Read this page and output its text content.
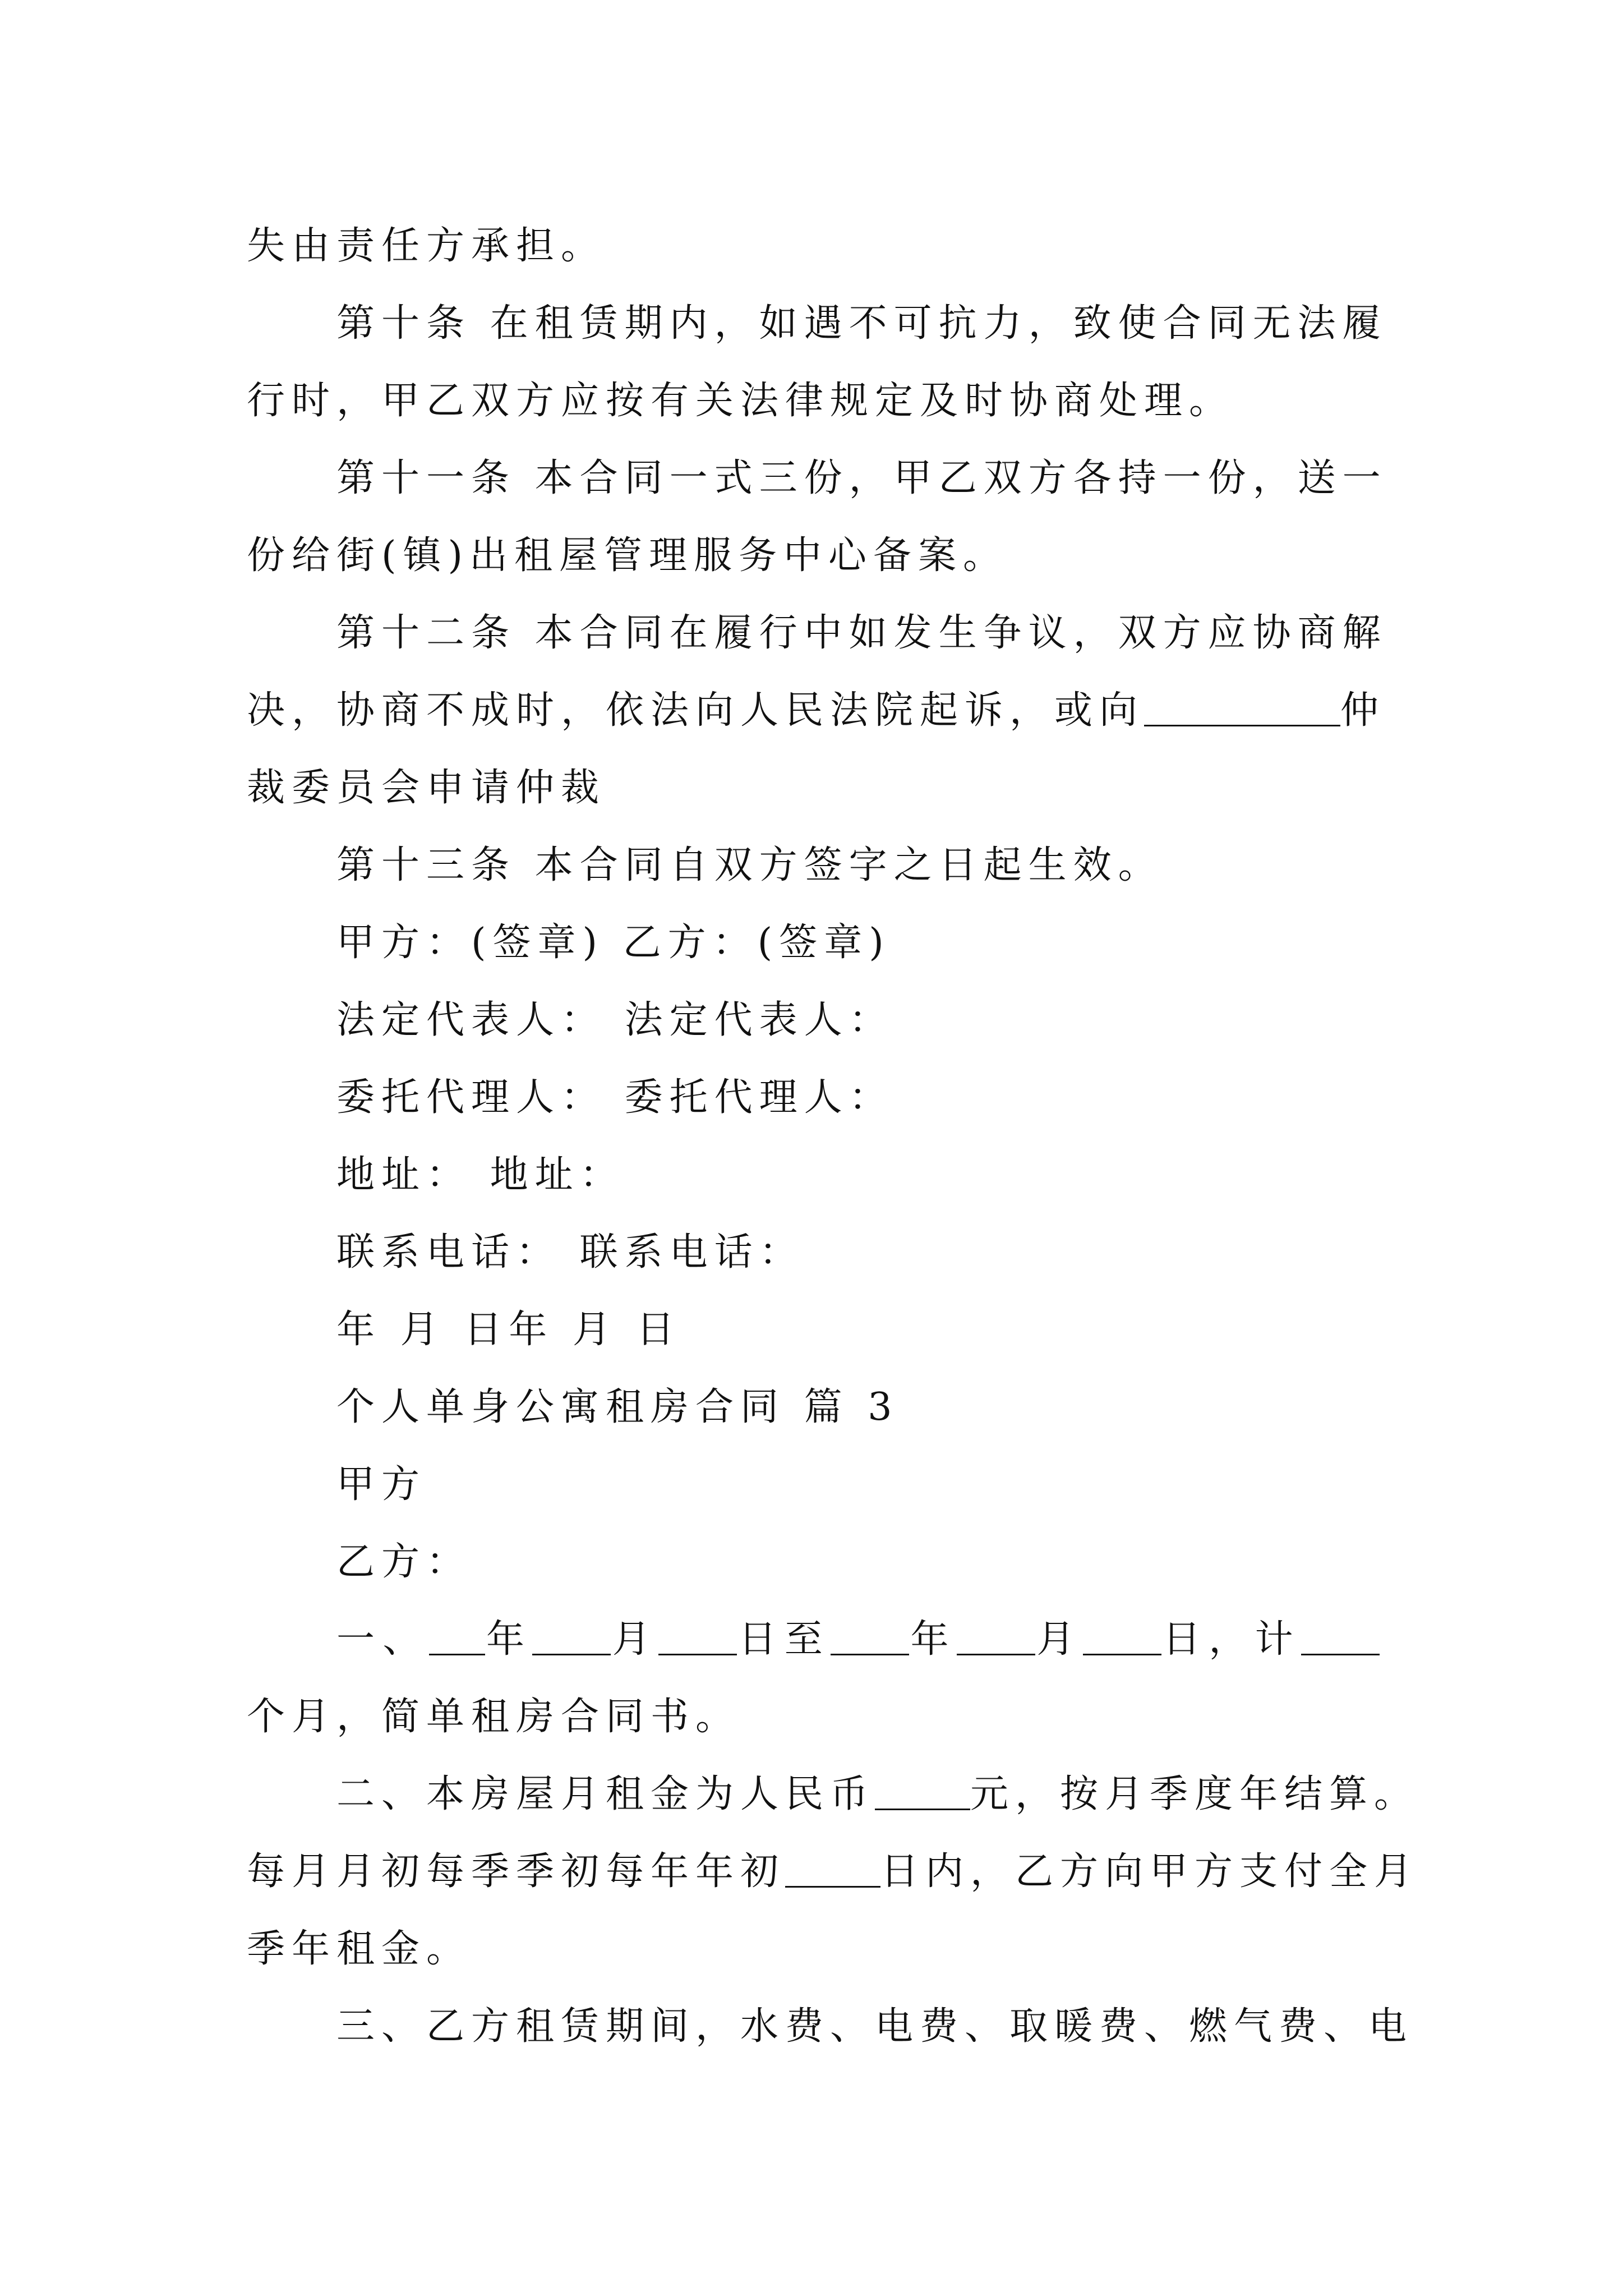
失由责任方承担。
第十条 在租赁期内，如遇不可抗力，致使合同无法履
行时，甲乙双方应按有关法律规定及时协商处理。
第十一条 本合同一式三份，甲乙双方各持一份，送一
份给街(镇)出租屋管理服务中心备案。
第十二条 本合同在履行中如发生争议，双方应协商解
决，协商不成时，依法向人民法院起诉，或向	仲
裁委员会申请仲裁
第十三条 本合同自双方签字之日起生效。
甲方：(签章) 乙方：(签章)
法定代表人： 法定代表人：
委托代理人： 委托代理人：
地址： 地址：
联系电话： 联系电话：
年 月 日年 月 日
个人单身公寓租房合同 篇 3
甲方
乙方：
一、 年 月 日至 年 月 日，计
个月，简单租房合同书。
二、本房屋月租金为人民币	元，按月季度年结算。
每月月初每季季初每年年初	日内，乙方向甲方支付全月
季年租金。
三、乙方租赁期间，水费、电费、取暖费、燃气费、电
